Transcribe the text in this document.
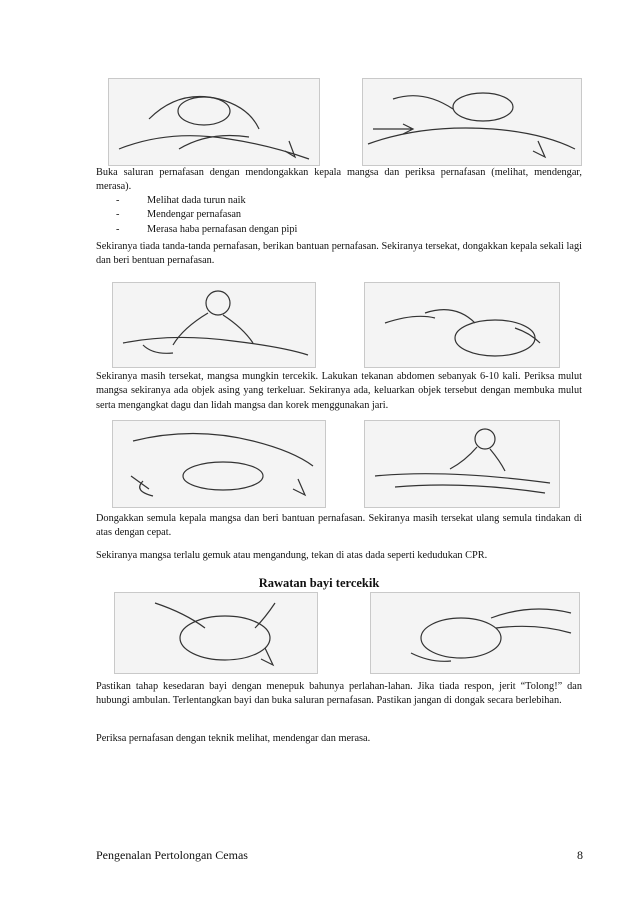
Buka saluran pernafasan dengan mendongakkan kepala mangsa dan periksa pernafasan (melihat, mendengar, merasa).

-	Melihat dada turun naik
-	Mendengar pernafasan
-	Merasa haba pernafasan dengan pipi

Sekiranya tiada tanda-tanda pernafasan, berikan bantuan pernafasan. Sekiranya tersekat, dongakkan kepala sekali lagi dan beri bentuan pernafasan.

Sekiranya masih tersekat, mangsa mungkin tercekik. Lakukan tekanan abdomen sebanyak 6-10 kali. Periksa mulut mangsa sekiranya ada objek asing yang terkeluar. Sekiranya ada, keluarkan objek tersebut dengan membuka mulut serta mengangkat dagu dan lidah mangsa dan korek menggunakan jari.

Dongakkan semula kepala mangsa dan beri bantuan pernafasan. Sekiranya masih tersekat ulang semula tindakan di atas dengan cepat.

Sekiranya mangsa terlalu gemuk atau mengandung, tekan di atas dada seperti kedudukan CPR.

Rawatan bayi tercekik

Pastikan tahap kesedaran bayi dengan menepuk bahunya perlahan-lahan. Jika tiada respon, jerit “Tolong!” dan hubungi ambulan. Terlentangkan bayi dan buka saluran pernafasan. Pastikan jangan di dongak secara berlebihan.

Periksa pernafasan dengan teknik melihat, mendengar dan merasa.

Pengenalan Pertolongan Cemas	8
